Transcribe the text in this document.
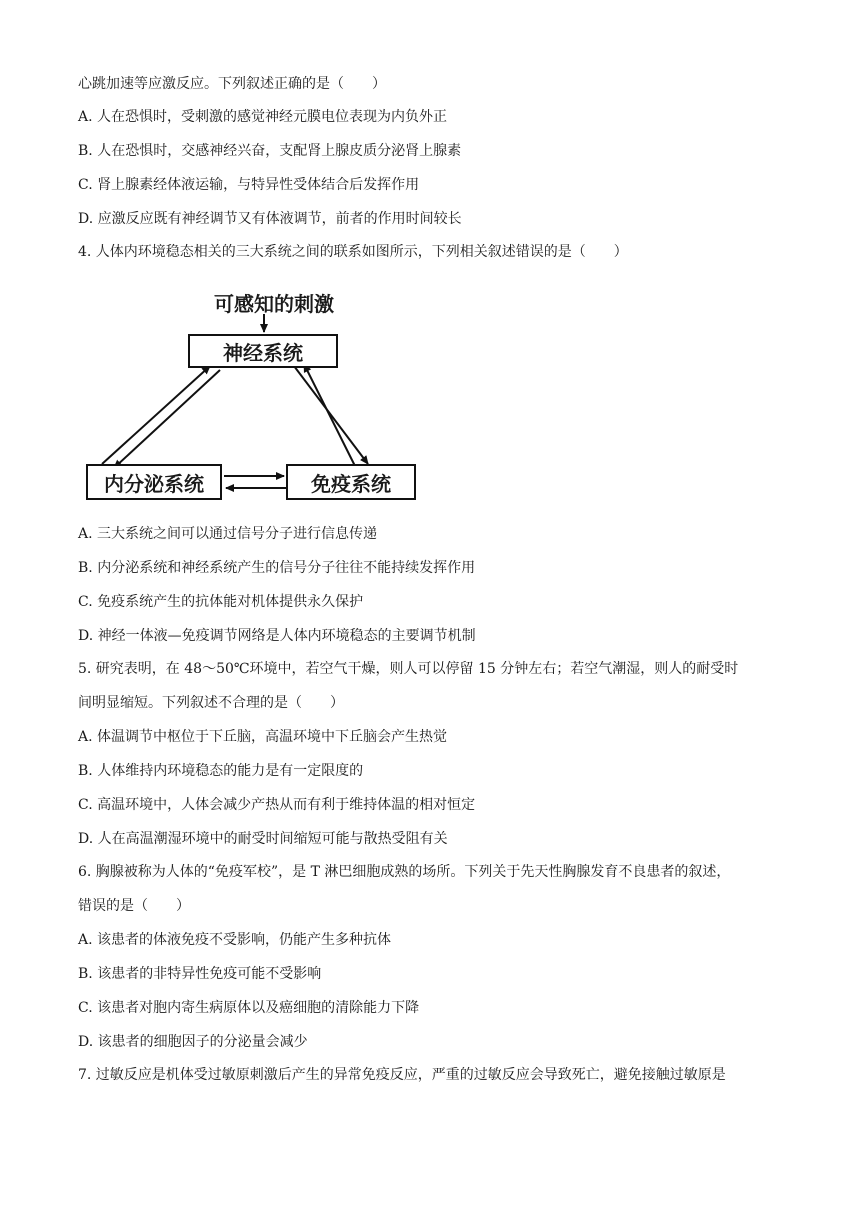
心跳加速等应激反应。下列叙述正确的是（　　）
A. 人在恐惧时，受刺激的感觉神经元膜电位表现为内负外正
B. 人在恐惧时，交感神经兴奋，支配肾上腺皮质分泌肾上腺素
C. 肾上腺素经体液运输，与特异性受体结合后发挥作用
D. 应激反应既有神经调节又有体液调节，前者的作用时间较长
4. 人体内环境稳态相关的三大系统之间的联系如图所示，下列相关叙述错误的是（　　）
可感知的刺激
神经系统
内分泌系统	免疫系统
A. 三大系统之间可以通过信号分子进行信息传递
B. 内分泌系统和神经系统产生的信号分子往往不能持续发挥作用
C. 免疫系统产生的抗体能对机体提供永久保护
D. 神经一体液—免疫调节网络是人体内环境稳态的主要调节机制
5. 研究表明，在 48～50℃环境中，若空气干燥，则人可以停留 15 分钟左右；若空气潮湿，则人的耐受时
间明显缩短。下列叙述不合理的是（　　）
A. 体温调节中枢位于下丘脑，高温环境中下丘脑会产生热觉
B. 人体维持内环境稳态的能力是有一定限度的
C. 高温环境中，人体会减少产热从而有利于维持体温的相对恒定
D. 人在高温潮湿环境中的耐受时间缩短可能与散热受阻有关
6. 胸腺被称为人体的“免疫军校”，是 T 淋巴细胞成熟的场所。下列关于先天性胸腺发育不良患者的叙述，
错误的是（　　）
A. 该患者的体液免疫不受影响，仍能产生多种抗体
B. 该患者的非特异性免疫可能不受影响
C. 该患者对胞内寄生病原体以及癌细胞的清除能力下降
D. 该患者的细胞因子的分泌量会减少
7. 过敏反应是机体受过敏原刺激后产生的异常免疫反应，严重的过敏反应会导致死亡，避免接触过敏原是
